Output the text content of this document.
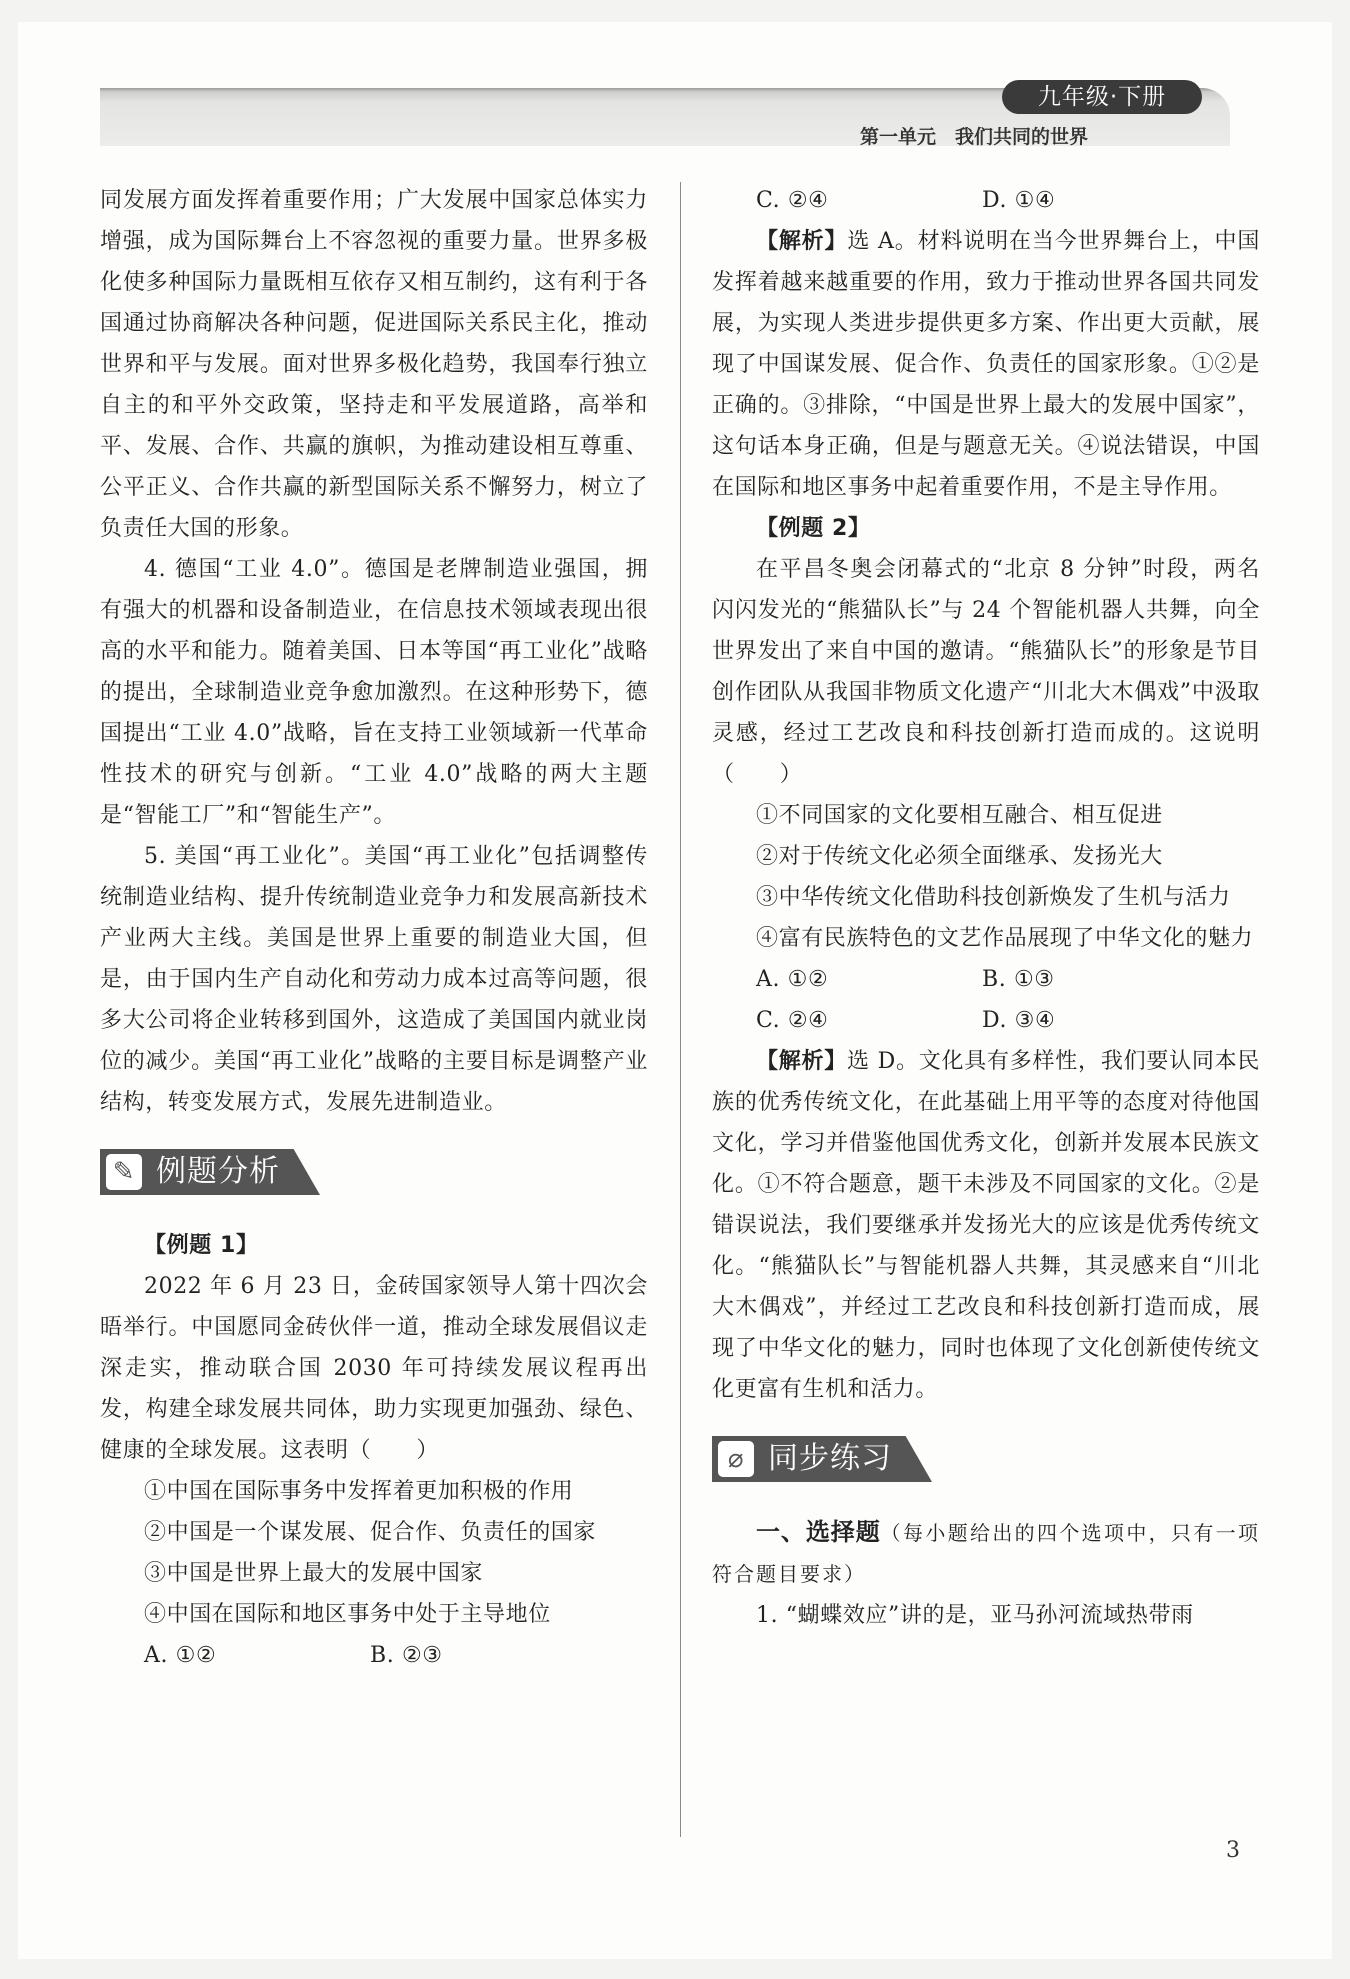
九年级·下册
第一单元　我们共同的世界

同发展方面发挥着重要作用；广大发展中国家总体实力增强，成为国际舞台上不容忽视的重要力量。世界多极化使多种国际力量既相互依存又相互制约，这有利于各国通过协商解决各种问题，促进国际关系民主化，推动世界和平与发展。面对世界多极化趋势，我国奉行独立自主的和平外交政策，坚持走和平发展道路，高举和平、发展、合作、共赢的旗帜，为推动建设相互尊重、公平正义、合作共赢的新型国际关系不懈努力，树立了负责任大国的形象。

4. 德国“工业 4.0”。德国是老牌制造业强国，拥有强大的机器和设备制造业，在信息技术领域表现出很高的水平和能力。随着美国、日本等国“再工业化”战略的提出，全球制造业竞争愈加激烈。在这种形势下，德国提出“工业 4.0”战略，旨在支持工业领域新一代革命性技术的研究与创新。“工业 4.0”战略的两大主题是“智能工厂”和“智能生产”。

5. 美国“再工业化”。美国“再工业化”包括调整传统制造业结构、提升传统制造业竞争力和发展高新技术产业两大主线。美国是世界上重要的制造业大国，但是，由于国内生产自动化和劳动力成本过高等问题，很多大公司将企业转移到国外，这造成了美国国内就业岗位的减少。美国“再工业化”战略的主要目标是调整产业结构，转变发展方式，发展先进制造业。

✎ 例题分析

【例题 1】

2022 年 6 月 23 日，金砖国家领导人第十四次会晤举行。中国愿同金砖伙伴一道，推动全球发展倡议走深走实，推动联合国 2030 年可持续发展议程再出发，构建全球发展共同体，助力实现更加强劲、绿色、健康的全球发展。这表明（　　）

①中国在国际事务中发挥着更加积极的作用

②中国是一个谋发展、促合作、负责任的国家

③中国是世界上最大的发展中国家

④中国在国际和地区事务中处于主导地位

A. ①②	B. ②③
C. ②④	D. ①④

【解析】选 A。材料说明在当今世界舞台上，中国发挥着越来越重要的作用，致力于推动世界各国共同发展，为实现人类进步提供更多方案、作出更大贡献，展现了中国谋发展、促合作、负责任的国家形象。①②是正确的。③排除，“中国是世界上最大的发展中国家”，这句话本身正确，但是与题意无关。④说法错误，中国在国际和地区事务中起着重要作用，不是主导作用。

【例题 2】

在平昌冬奥会闭幕式的“北京 8 分钟”时段，两名闪闪发光的“熊猫队长”与 24 个智能机器人共舞，向全世界发出了来自中国的邀请。“熊猫队长”的形象是节目创作团队从我国非物质文化遗产“川北大木偶戏”中汲取灵感，经过工艺改良和科技创新打造而成的。这说明（　　）

①不同国家的文化要相互融合、相互促进

②对于传统文化必须全面继承、发扬光大

③中华传统文化借助科技创新焕发了生机与活力

④富有民族特色的文艺作品展现了中华文化的魅力

A. ①②	B. ①③
C. ②④	D. ③④

【解析】选 D。文化具有多样性，我们要认同本民族的优秀传统文化，在此基础上用平等的态度对待他国文化，学习并借鉴他国优秀文化，创新并发展本民族文化。①不符合题意，题干未涉及不同国家的文化。②是错误说法，我们要继承并发扬光大的应该是优秀传统文化。“熊猫队长”与智能机器人共舞，其灵感来自“川北大木偶戏”，并经过工艺改良和科技创新打造而成，展现了中华文化的魅力，同时也体现了文化创新使传统文化更富有生机和活力。

⌀ 同步练习

一、选择题（每小题给出的四个选项中，只有一项符合题目要求）

1. “蝴蝶效应”讲的是，亚马孙河流域热带雨

3
